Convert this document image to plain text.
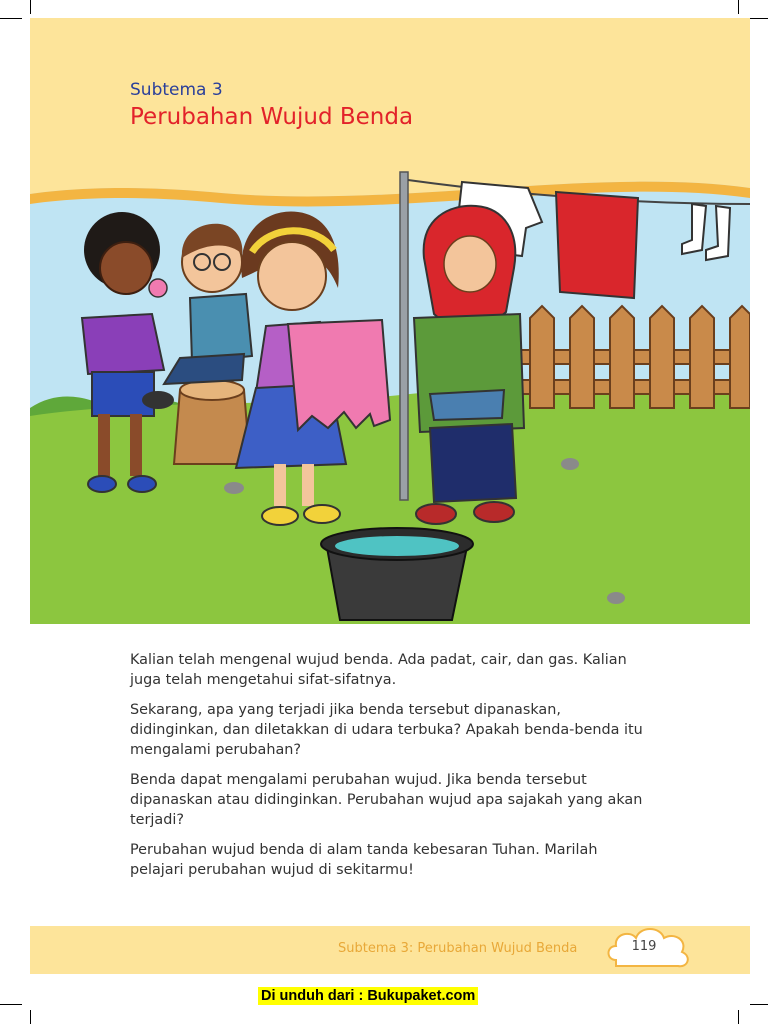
Subtema 3
Perubahan Wujud Benda

Kalian telah mengenal wujud benda. Ada padat, cair, dan gas. Kalian juga telah mengetahui sifat-sifatnya.

Sekarang, apa yang terjadi jika benda tersebut dipanaskan, didinginkan, dan diletakkan di udara terbuka? Apakah benda-benda itu mengalami perubahan?

Benda dapat mengalami perubahan wujud. Jika benda tersebut dipanaskan atau didinginkan. Perubahan wujud apa sajakah yang akan terjadi?

Perubahan wujud benda di alam tanda kebesaran Tuhan. Marilah pelajari perubahan wujud di sekitarmu!

Subtema 3: Perubahan Wujud Benda	119
Di unduh dari : Bukupaket.com
